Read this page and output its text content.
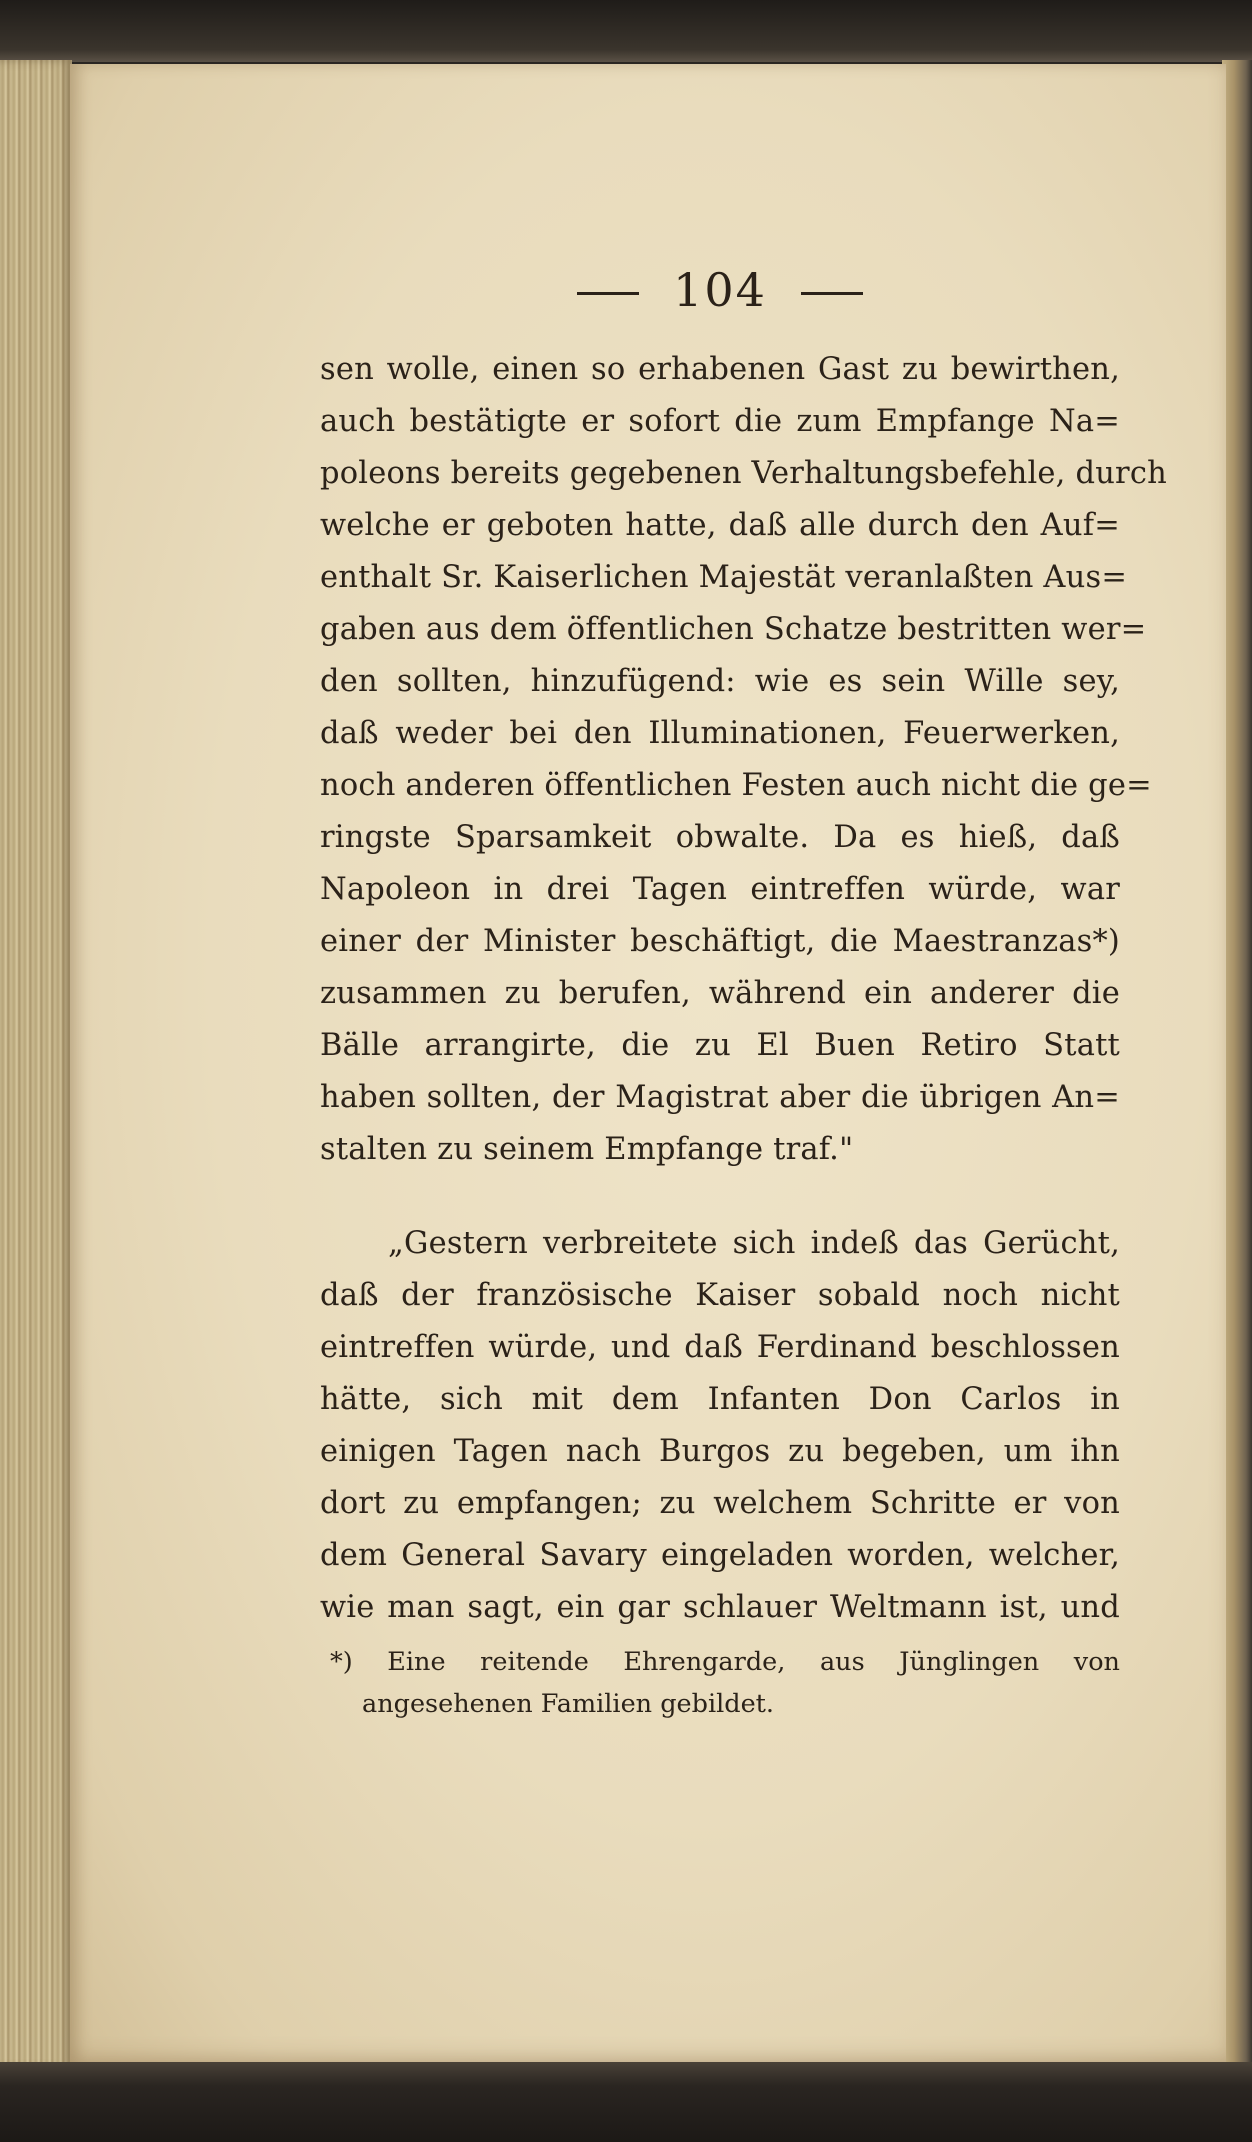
104
sen wolle, einen so erhabenen Gast zu bewirthen,
auch bestätigte er sofort die zum Empfange Na=
poleons bereits gegebenen Verhaltungsbefehle, durch
welche er geboten hatte, daß alle durch den Auf=
enthalt Sr. Kaiserlichen Majestät veranlaßten Aus=
gaben aus dem öffentlichen Schatze bestritten wer=
den sollten, hinzufügend: wie es sein Wille sey,
daß weder bei den Illuminationen, Feuerwerken,
noch anderen öffentlichen Festen auch nicht die ge=
ringste Sparsamkeit obwalte. Da es hieß, daß
Napoleon in drei Tagen eintreffen würde, war
einer der Minister beschäftigt, die Maestranzas*)
zusammen zu berufen, während ein anderer die
Bälle arrangirte, die zu El Buen Retiro Statt
haben sollten, der Magistrat aber die übrigen An=
stalten zu seinem Empfange traf."
„Gestern verbreitete sich indeß das Gerücht,
daß der französische Kaiser sobald noch nicht
eintreffen würde, und daß Ferdinand beschlossen
hätte, sich mit dem Infanten Don Carlos in
einigen Tagen nach Burgos zu begeben, um ihn
dort zu empfangen; zu welchem Schritte er von
dem General Savary eingeladen worden, welcher,
wie man sagt, ein gar schlauer Weltmann ist, und
*) Eine reitende Ehrengarde, aus Jünglingen von
angesehenen Familien gebildet.
